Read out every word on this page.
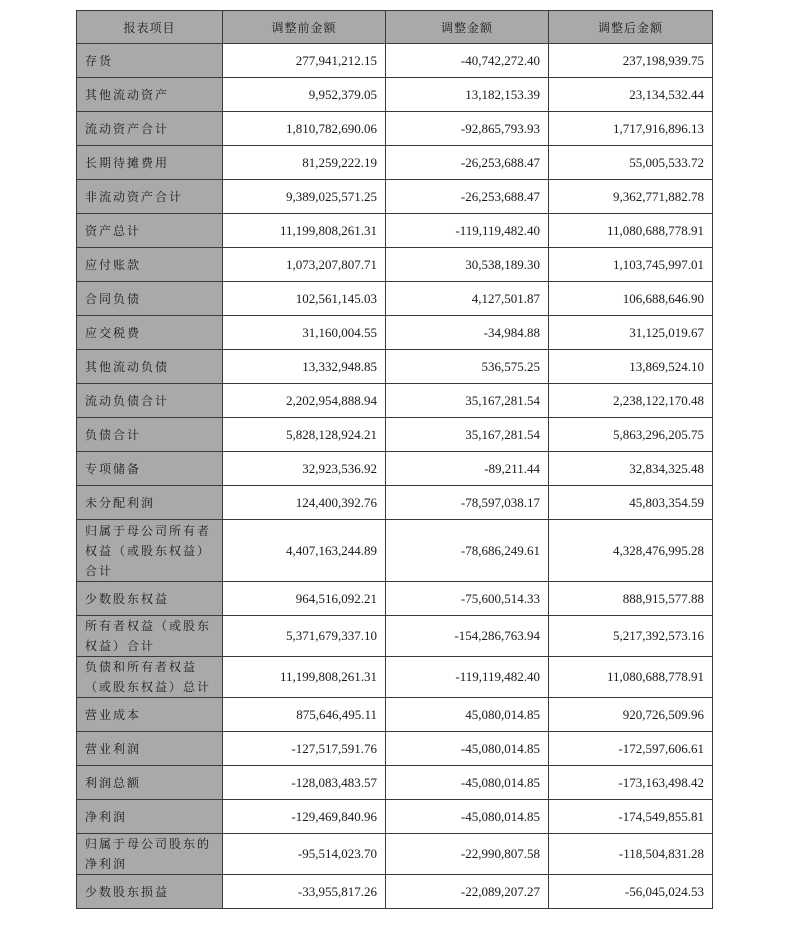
报表项目	调整前金额	调整金额	调整后金额
存货	277,941,212.15	-40,742,272.40	237,198,939.75
其他流动资产	9,952,379.05	13,182,153.39	23,134,532.44
流动资产合计	1,810,782,690.06	-92,865,793.93	1,717,916,896.13
长期待摊费用	81,259,222.19	-26,253,688.47	55,005,533.72
非流动资产合计	9,389,025,571.25	-26,253,688.47	9,362,771,882.78
资产总计	11,199,808,261.31	-119,119,482.40	11,080,688,778.91
应付账款	1,073,207,807.71	30,538,189.30	1,103,745,997.01
合同负债	102,561,145.03	4,127,501.87	106,688,646.90
应交税费	31,160,004.55	-34,984.88	31,125,019.67
其他流动负债	13,332,948.85	536,575.25	13,869,524.10
流动负债合计	2,202,954,888.94	35,167,281.54	2,238,122,170.48
负债合计	5,828,128,924.21	35,167,281.54	5,863,296,205.75
专项储备	32,923,536.92	-89,211.44	32,834,325.48
未分配利润	124,400,392.76	-78,597,038.17	45,803,354.59
归属于母公司所有者权益（或股东权益）合计	4,407,163,244.89	-78,686,249.61	4,328,476,995.28
少数股东权益	964,516,092.21	-75,600,514.33	888,915,577.88
所有者权益（或股东权益）合计	5,371,679,337.10	-154,286,763.94	5,217,392,573.16
负债和所有者权益（或股东权益）总计	11,199,808,261.31	-119,119,482.40	11,080,688,778.91
营业成本	875,646,495.11	45,080,014.85	920,726,509.96
营业利润	-127,517,591.76	-45,080,014.85	-172,597,606.61
利润总额	-128,083,483.57	-45,080,014.85	-173,163,498.42
净利润	-129,469,840.96	-45,080,014.85	-174,549,855.81
归属于母公司股东的净利润	-95,514,023.70	-22,990,807.58	-118,504,831.28
少数股东损益	-33,955,817.26	-22,089,207.27	-56,045,024.53
